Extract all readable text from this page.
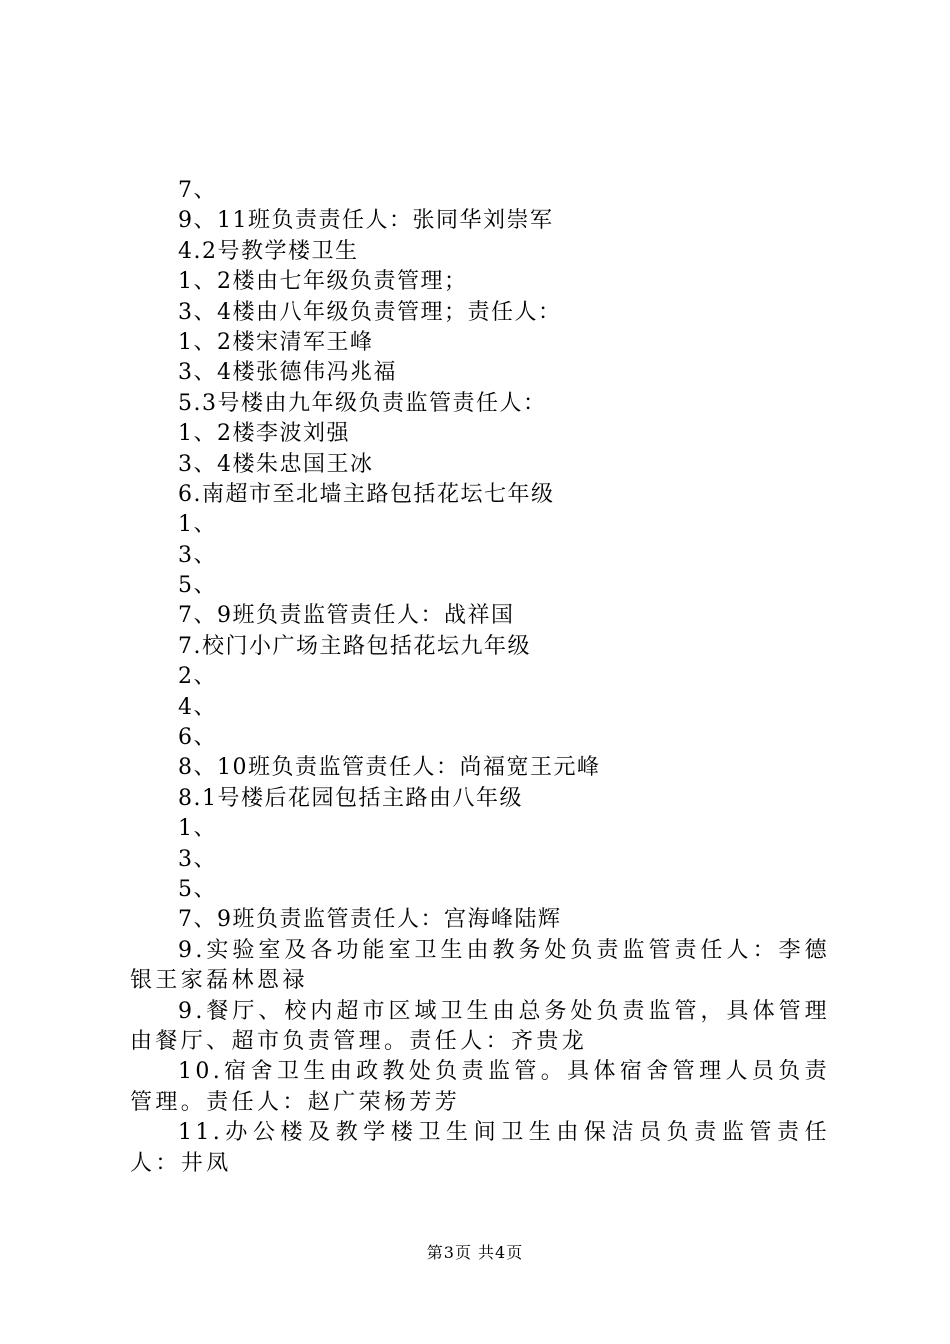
7、
9、11班负责责任人：张同华刘崇军
4.2号教学楼卫生
1、2楼由七年级负责管理；
3、4楼由八年级负责管理；责任人：
1、2楼宋清军王峰
3、4楼张德伟冯兆福
5.3号楼由九年级负责监管责任人：
1、2楼李波刘强
3、4楼朱忠国王冰
6.南超市至北墙主路包括花坛七年级
1、
3、
5、
7、9班负责监管责任人：战祥国
7.校门小广场主路包括花坛九年级
2、
4、
6、
8、10班负责监管责任人：尚福宽王元峰
8.1号楼后花园包括主路由八年级
1、
3、
5、
7、9班负责监管责任人：宫海峰陆辉
9.实验室及各功能室卫生由教务处负责监管责任人：李德银王家磊林恩禄
9.餐厅、校内超市区域卫生由总务处负责监管，具体管理由餐厅、超市负责管理。责任人：齐贵龙
10.宿舍卫生由政教处负责监管。具体宿舍管理人员负责管理。责任人：赵广荣杨芳芳
11.办公楼及教学楼卫生间卫生由保洁员负责监管责任人：井凤
第3页 共4页
